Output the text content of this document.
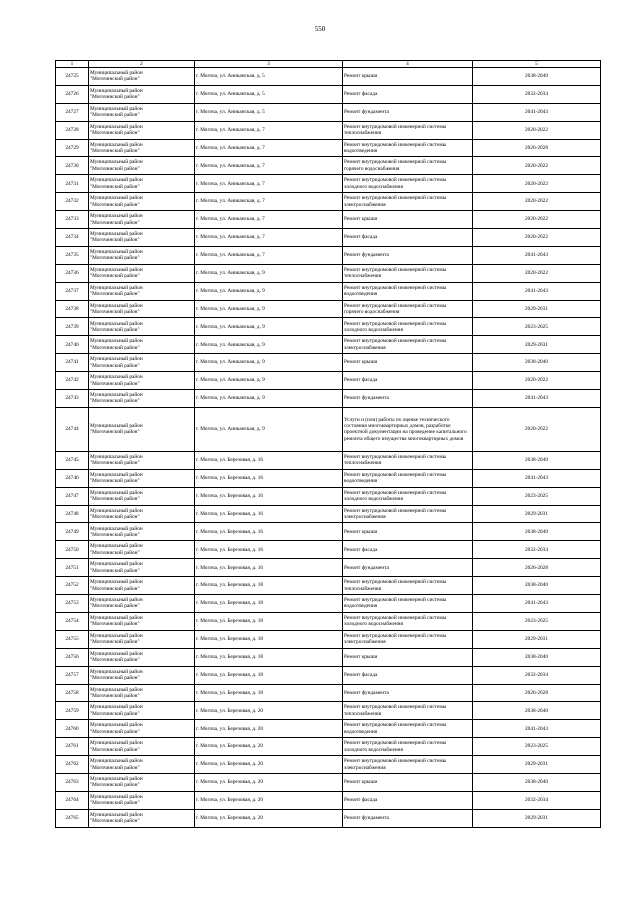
550
1	2	3	4	5
24725	Муниципальный район
"Могочинский район"	г. Могоча, ул. Аниканская, д. 5	Ремонт крыши	2038-2040
24726	Муниципальный район
"Могочинский район"	г. Могоча, ул. Аниканская, д. 5	Ремонт фасада	2032-2034
24727	Муниципальный район
"Могочинский район"	г. Могоча, ул. Аниканская, д. 5	Ремонт фундамента	2041-2043
24728	Муниципальный район
"Могочинский район"	г. Могоча, ул. Аниканская, д. 7	Ремонт внутридомовой инженерной системы
теплоснабжения	2020-2022
24729	Муниципальный район
"Могочинский район"	г. Могоча, ул. Аниканская, д. 7	Ремонт внутридомовой инженерной системы
водоотведения	2026-2028
24730	Муниципальный район
"Могочинский район"	г. Могоча, ул. Аниканская, д. 7	Ремонт внутридомовой инженерной системы
горячего водоснабжения	2020-2022
24731	Муниципальный район
"Могочинский район"	г. Могоча, ул. Аниканская, д. 7	Ремонт внутридомовой инженерной системы
холодного водоснабжения	2020-2022
24732	Муниципальный район
"Могочинский район"	г. Могоча, ул. Аниканская, д. 7	Ремонт внутридомовой инженерной системы
электроснабжения	2020-2022
24733	Муниципальный район
"Могочинский район"	г. Могоча, ул. Аниканская, д. 7	Ремонт крыши	2020-2022
24734	Муниципальный район
"Могочинский район"	г. Могоча, ул. Аниканская, д. 7	Ремонт фасада	2020-2022
24735	Муниципальный район
"Могочинский район"	г. Могоча, ул. Аниканская, д. 7	Ремонт фундамента	2041-2043
24736	Муниципальный район
"Могочинский район"	г. Могоча, ул. Аниканская, д. 9	Ремонт внутридомовой инженерной системы
теплоснабжения	2020-2022
24737	Муниципальный район
"Могочинский район"	г. Могоча, ул. Аниканская, д. 9	Ремонт внутридомовой инженерной системы
водоотведения	2041-2043
24738	Муниципальный район
"Могочинский район"	г. Могоча, ул. Аниканская, д. 9	Ремонт внутридомовой инженерной системы
горячего водоснабжения	2029-2031
24739	Муниципальный район
"Могочинский район"	г. Могоча, ул. Аниканская, д. 9	Ремонт внутридомовой инженерной системы
холодного водоснабжения	2023-2025
24740	Муниципальный район
"Могочинский район"	г. Могоча, ул. Аниканская, д. 9	Ремонт внутридомовой инженерной системы
электроснабжения	2029-2031
24741	Муниципальный район
"Могочинский район"	г. Могоча, ул. Аниканская, д. 9	Ремонт крыши	2038-2040
24742	Муниципальный район
"Могочинский район"	г. Могоча, ул. Аниканская, д. 9	Ремонт фасада	2020-2022
24743	Муниципальный район
"Могочинский район"	г. Могоча, ул. Аниканская, д. 9	Ремонт фундамента	2041-2043
24744	Муниципальный район
"Могочинский район"	г. Могоча, ул. Аниканская, д. 9	Услуги и (или) работы по оценке технического состояния многоквартирных домов, разработке проектной документации на проведение капитального ремонта общего имущества многоквартирных домов	2020-2022
24745	Муниципальный район
"Могочинский район"	г. Могоча, ул. Березовая, д. 16	Ремонт внутридомовой инженерной системы
теплоснабжения	2038-2040
24746	Муниципальный район
"Могочинский район"	г. Могоча, ул. Березовая, д. 16	Ремонт внутридомовой инженерной системы
водоотведения	2041-2043
24747	Муниципальный район
"Могочинский район"	г. Могоча, ул. Березовая, д. 16	Ремонт внутридомовой инженерной системы
холодного водоснабжения	2023-2025
24748	Муниципальный район
"Могочинский район"	г. Могоча, ул. Березовая, д. 16	Ремонт внутридомовой инженерной системы
электроснабжения	2029-2031
24749	Муниципальный район
"Могочинский район"	г. Могоча, ул. Березовая, д. 16	Ремонт крыши	2038-2040
24750	Муниципальный район
"Могочинский район"	г. Могоча, ул. Березовая, д. 16	Ремонт фасада	2032-2034
24751	Муниципальный район
"Могочинский район"	г. Могоча, ул. Березовая, д. 16	Ремонт фундамента	2026-2028
24752	Муниципальный район
"Могочинский район"	г. Могоча, ул. Березовая, д. 18	Ремонт внутридомовой инженерной системы
теплоснабжения	2038-2040
24753	Муниципальный район
"Могочинский район"	г. Могоча, ул. Березовая, д. 18	Ремонт внутридомовой инженерной системы
водоотведения	2041-2043
24754	Муниципальный район
"Могочинский район"	г. Могоча, ул. Березовая, д. 18	Ремонт внутридомовой инженерной системы
холодного водоснабжения	2023-2025
24755	Муниципальный район
"Могочинский район"	г. Могоча, ул. Березовая, д. 18	Ремонт внутридомовой инженерной системы
электроснабжения	2029-2031
24756	Муниципальный район
"Могочинский район"	г. Могоча, ул. Березовая, д. 18	Ремонт крыши	2038-2040
24757	Муниципальный район
"Могочинский район"	г. Могоча, ул. Березовая, д. 18	Ремонт фасада	2032-2034
24758	Муниципальный район
"Могочинский район"	г. Могоча, ул. Березовая, д. 18	Ремонт фундамента	2026-2028
24759	Муниципальный район
"Могочинский район"	г. Могоча, ул. Березовая, д. 20	Ремонт внутридомовой инженерной системы
теплоснабжения	2038-2040
24760	Муниципальный район
"Могочинский район"	г. Могоча, ул. Березовая, д. 20	Ремонт внутридомовой инженерной системы
водоотведения	2041-2043
24761	Муниципальный район
"Могочинский район"	г. Могоча, ул. Березовая, д. 20	Ремонт внутридомовой инженерной системы
холодного водоснабжения	2023-2025
24762	Муниципальный район
"Могочинский район"	г. Могоча, ул. Березовая, д. 20	Ремонт внутридомовой инженерной системы
электроснабжения	2029-2031
24763	Муниципальный район
"Могочинский район"	г. Могоча, ул. Березовая, д. 20	Ремонт крыши	2038-2040
24764	Муниципальный район
"Могочинский район"	г. Могоча, ул. Березовая, д. 20	Ремонт фасада	2032-2034
24765	Муниципальный район
"Могочинский район"	г. Могоча, ул. Березовая, д. 20	Ремонт фундамента	2029-2031
